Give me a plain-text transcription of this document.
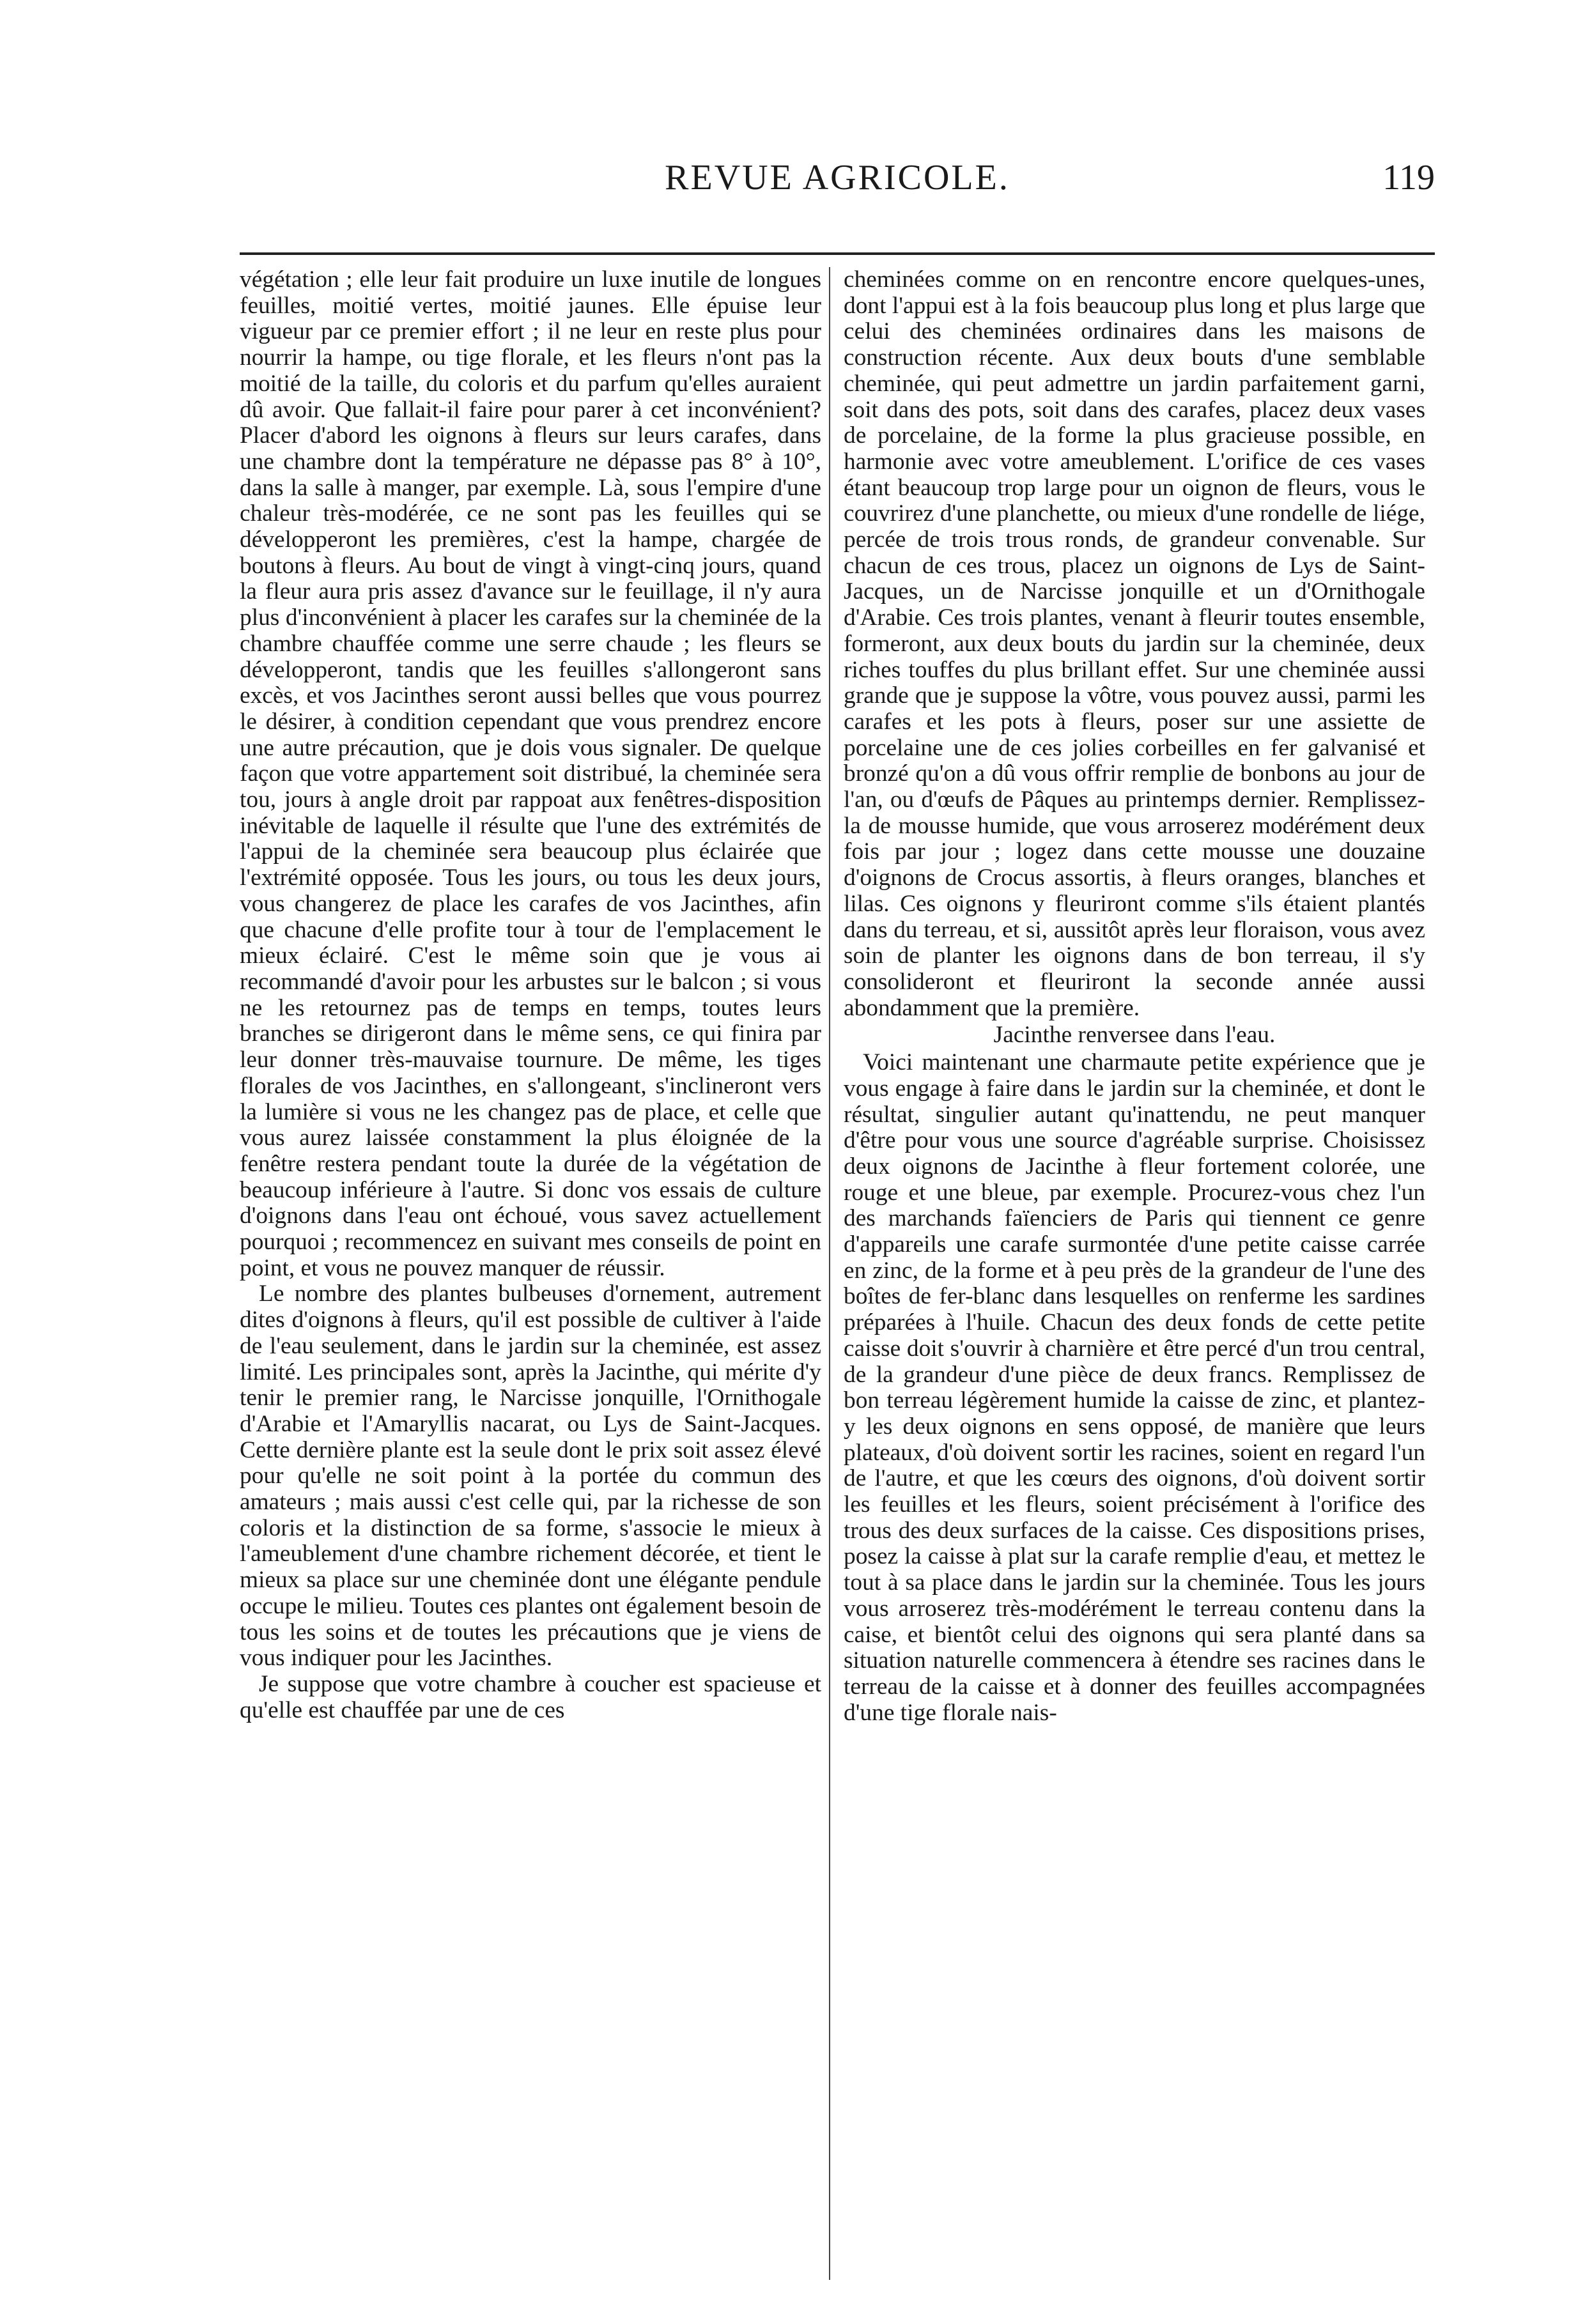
REVUE AGRICOLE.	119

végétation ; elle leur fait produire un luxe inutile de longues feuilles, moitié vertes, moitié jaunes. Elle épuise leur vigueur par ce premier effort ; il ne leur en reste plus pour nourrir la hampe, ou tige florale, et les fleurs n'ont pas la moitié de la taille, du coloris et du parfum qu'elles auraient dû avoir. Que fallait-il faire pour parer à cet inconvénient? Placer d'abord les oignons à fleurs sur leurs carafes, dans une chambre dont la température ne dépasse pas 8° à 10°, dans la salle à manger, par exemple. Là, sous l'empire d'une chaleur très-modérée, ce ne sont pas les feuilles qui se développeront les premières, c'est la hampe, chargée de boutons à fleurs. Au bout de vingt à vingt-cinq jours, quand la fleur aura pris assez d'avance sur le feuillage, il n'y aura plus d'inconvénient à placer les carafes sur la cheminée de la chambre chauffée comme une serre chaude ; les fleurs se développeront, tandis que les feuilles s'allongeront sans excès, et vos Jacinthes seront aussi belles que vous pourrez le désirer, à condition cependant que vous prendrez encore une autre précaution, que je dois vous signaler. De quelque façon que votre appartement soit distribué, la cheminée sera tou, jours à angle droit par rappoat aux fenêtres-disposition inévitable de laquelle il résulte que l'une des extrémités de l'appui de la cheminée sera beaucoup plus éclairée que l'extrémité opposée. Tous les jours, ou tous les deux jours, vous changerez de place les carafes de vos Jacinthes, afin que chacune d'elle profite tour à tour de l'emplacement le mieux éclairé. C'est le même soin que je vous ai recommandé d'avoir pour les arbustes sur le balcon ; si vous ne les retournez pas de temps en temps, toutes leurs branches se dirigeront dans le même sens, ce qui finira par leur donner très-mauvaise tournure. De même, les tiges florales de vos Jacinthes, en s'allongeant, s'inclineront vers la lumière si vous ne les changez pas de place, et celle que vous aurez laissée constamment la plus éloignée de la fenêtre restera pendant toute la durée de la végétation de beaucoup inférieure à l'autre. Si donc vos essais de culture d'oignons dans l'eau ont échoué, vous savez actuellement pourquoi ; recommencez en suivant mes conseils de point en point, et vous ne pouvez manquer de réussir.

Le nombre des plantes bulbeuses d'ornement, autrement dites d'oignons à fleurs, qu'il est possible de cultiver à l'aide de l'eau seulement, dans le jardin sur la cheminée, est assez limité. Les principales sont, après la Jacinthe, qui mérite d'y tenir le premier rang, le Narcisse jonquille, l'Ornithogale d'Arabie et l'Amaryllis nacarat, ou Lys de Saint-Jacques. Cette dernière plante est la seule dont le prix soit assez élevé pour qu'elle ne soit point à la portée du commun des amateurs ; mais aussi c'est celle qui, par la richesse de son coloris et la distinction de sa forme, s'associe le mieux à l'ameublement d'une chambre richement décorée, et tient le mieux sa place sur une cheminée dont une élégante pendule occupe le milieu. Toutes ces plantes ont également besoin de tous les soins et de toutes les précautions que je viens de vous indiquer pour les Jacinthes.

Je suppose que votre chambre à coucher est spacieuse et qu'elle est chauffée par une de ces

cheminées comme on en rencontre encore quelques-unes, dont l'appui est à la fois beaucoup plus long et plus large que celui des cheminées ordinaires dans les maisons de construction récente. Aux deux bouts d'une semblable cheminée, qui peut admettre un jardin parfaitement garni, soit dans des pots, soit dans des carafes, placez deux vases de porcelaine, de la forme la plus gracieuse possible, en harmonie avec votre ameublement. L'orifice de ces vases étant beaucoup trop large pour un oignon de fleurs, vous le couvrirez d'une planchette, ou mieux d'une rondelle de liége, percée de trois trous ronds, de grandeur convenable. Sur chacun de ces trous, placez un oignons de Lys de Saint-Jacques, un de Narcisse jonquille et un d'Ornithogale d'Arabie. Ces trois plantes, venant à fleurir toutes ensemble, formeront, aux deux bouts du jardin sur la cheminée, deux riches touffes du plus brillant effet. Sur une cheminée aussi grande que je suppose la vôtre, vous pouvez aussi, parmi les carafes et les pots à fleurs, poser sur une assiette de porcelaine une de ces jolies corbeilles en fer galvanisé et bronzé qu'on a dû vous offrir remplie de bonbons au jour de l'an, ou d'œufs de Pâques au printemps dernier. Remplissez-la de mousse humide, que vous arroserez modérément deux fois par jour ; logez dans cette mousse une douzaine d'oignons de Crocus assortis, à fleurs oranges, blanches et lilas. Ces oignons y fleuriront comme s'ils étaient plantés dans du terreau, et si, aussitôt après leur floraison, vous avez soin de planter les oignons dans de bon terreau, il s'y consolideront et fleuriront la seconde année aussi abondamment que la première.

Jacinthe renversee dans l'eau.

Voici maintenant une charmaute petite expérience que je vous engage à faire dans le jardin sur la cheminée, et dont le résultat, singulier autant qu'inattendu, ne peut manquer d'être pour vous une source d'agréable surprise. Choisissez deux oignons de Jacinthe à fleur fortement colorée, une rouge et une bleue, par exemple. Procurez-vous chez l'un des marchands faïenciers de Paris qui tiennent ce genre d'appareils une carafe surmontée d'une petite caisse carrée en zinc, de la forme et à peu près de la grandeur de l'une des boîtes de fer-blanc dans lesquelles on renferme les sardines préparées à l'huile. Chacun des deux fonds de cette petite caisse doit s'ouvrir à charnière et être percé d'un trou central, de la grandeur d'une pièce de deux francs. Remplissez de bon terreau légèrement humide la caisse de zinc, et plantez-y les deux oignons en sens opposé, de manière que leurs plateaux, d'où doivent sortir les racines, soient en regard l'un de l'autre, et que les cœurs des oignons, d'où doivent sortir les feuilles et les fleurs, soient précisément à l'orifice des trous des deux surfaces de la caisse. Ces dispositions prises, posez la caisse à plat sur la carafe remplie d'eau, et mettez le tout à sa place dans le jardin sur la cheminée. Tous les jours vous arroserez très-modérément le terreau contenu dans la caise, et bientôt celui des oignons qui sera planté dans sa situation naturelle commencera à étendre ses racines dans le terreau de la caisse et à donner des feuilles accompagnées d'une tige florale nais-
